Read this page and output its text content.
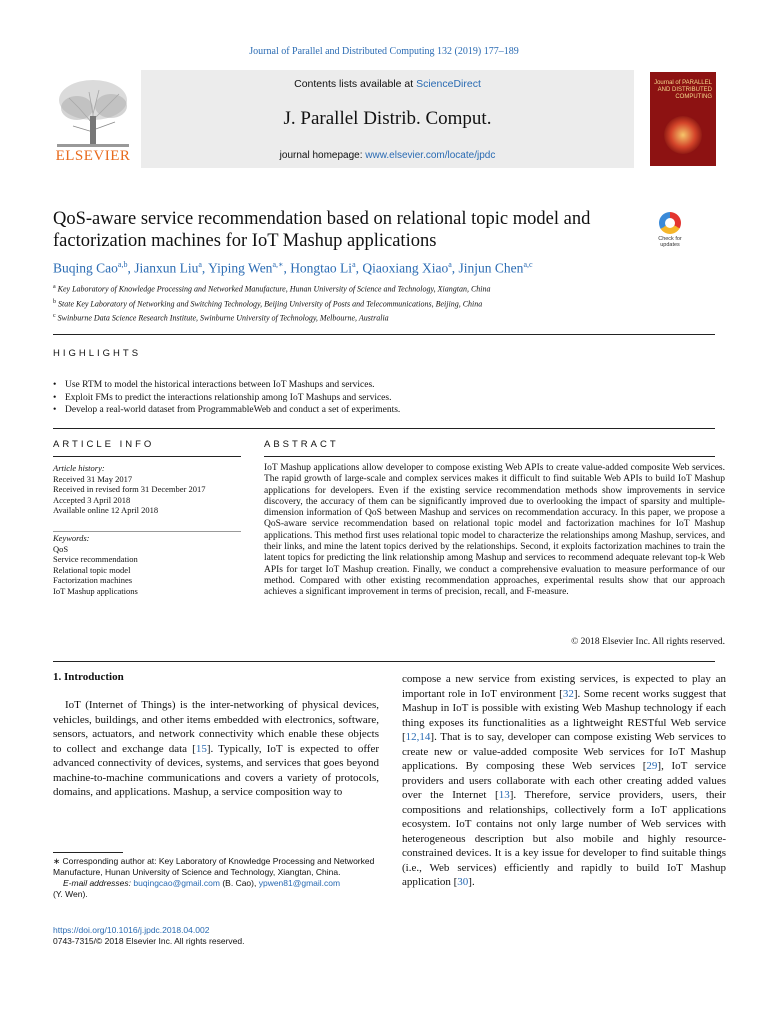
Journal of Parallel and Distributed Computing 132 (2019) 177–189
ELSEVIER
Contents lists available at ScienceDirect
J. Parallel Distrib. Comput.
journal homepage: www.elsevier.com/locate/jpdc
Journal of PARALLEL AND DISTRIBUTED COMPUTING
QoS-aware service recommendation based on relational topic model and factorization machines for IoT Mashup applications	Check for updates
Buqing Cao$^{a,b}$, Jianxun Liu$^a$, Yiping Wen$^{a,∗}$, Hongtao Li$^a$, Qiaoxiang Xiao$^a$, Jinjun Chen$^{a,c}$
$^a$ Key Laboratory of Knowledge Processing and Networked Manufacture, Hunan University of Science and Technology, Xiangtan, China
$^b$ State Key Laboratory of Networking and Switching Technology, Beijing University of Posts and Telecommunications, Beijing, China
$^c$ Swinburne Data Science Research Institute, Swinburne University of Technology, Melbourne, Australia
HIGHLIGHTS
• Use RTM to model the historical interactions between IoT Mashups and services.
• Exploit FMs to predict the interactions relationship among IoT Mashups and services.
• Develop a real-world dataset from ProgrammableWeb and conduct a set of experiments.
ARTICLE INFO	ABSTRACT
Article history:
Received 31 May 2017
Received in revised form 31 December 2017
Accepted 3 April 2018
Available online 12 April 2018
Keywords:
QoS
Service recommendation
Relational topic model
Factorization machines
IoT Mashup applications
IoT Mashup applications allow developer to compose existing Web APIs to create value-added composite Web services. The rapid growth of large-scale and complex services makes it difficult to find suitable Web APIs to build IoT Mashup applications for developers. Even if the existing service recommendation methods show improvements in service discovery, the accuracy of them can be significantly improved due to overlooking the impact of sparsity and multiple-dimension information of QoS between Mashup and services on recommendation accuracy. In this paper, we propose a QoS-aware service recommendation based on relational topic model and factorization machines for IoT Mashup applications. This method first uses relational topic model to characterize the relationships among Mashup, services, and their links, and mine the latent topics derived by the relationships. Second, it exploits factorization machines to train the latent topics for predicting the link relationship among Mashup and services to recommend adequate relevant top-k Web APIs for target IoT Mashup creation. Finally, we conduct a comprehensive evaluation to measure performance of our method. Compared with other existing recommendation approaches, experimental results show that our approach achieves a significant improvement in terms of precision, recall, and F-measure.
© 2018 Elsevier Inc. All rights reserved.
1. Introduction
IoT (Internet of Things) is the inter-networking of physical devices, vehicles, buildings, and other items embedded with electronics, software, sensors, actuators, and network connectivity which enable these objects to collect and exchange data [15]. Typically, IoT is expected to offer advanced connectivity of devices, systems, and services that goes beyond machine-to-machine communications and covers a variety of protocols, domains, and applications. Mashup, a service composition way to
compose a new service from existing services, is expected to play an important role in IoT environment [32]. Some recent works suggest that Mashup in IoT is possible with existing Web Mashup technology if each thing exposes its functionalities as a lightweight RESTful Web service [12,14]. That is to say, developer can compose existing Web services to create new or value-added composite Web services for IoT Mashup applications. By composing these Web services [29], IoT service providers and users collaborate with each other creating added values over the Internet [13]. Therefore, service providers, users, their compositions and relationships, collectively form a IoT applications ecosystem. IoT contains not only large number of Web services with heterogeneous description but also mobile and highly resource-constrained devices. It is a key issue for developer to find suitable things (i.e., Web services) efficiently and rapidly to build IoT Mashup application [30].
∗ Corresponding author at: Key Laboratory of Knowledge Processing and Networked Manufacture, Hunan University of Science and Technology, Xiangtan, China.
E-mail addresses: buqingcao@gmail.com (B. Cao), ypwen81@gmail.com
(Y. Wen).
https://doi.org/10.1016/j.jpdc.2018.04.002
0743-7315/© 2018 Elsevier Inc. All rights reserved.
